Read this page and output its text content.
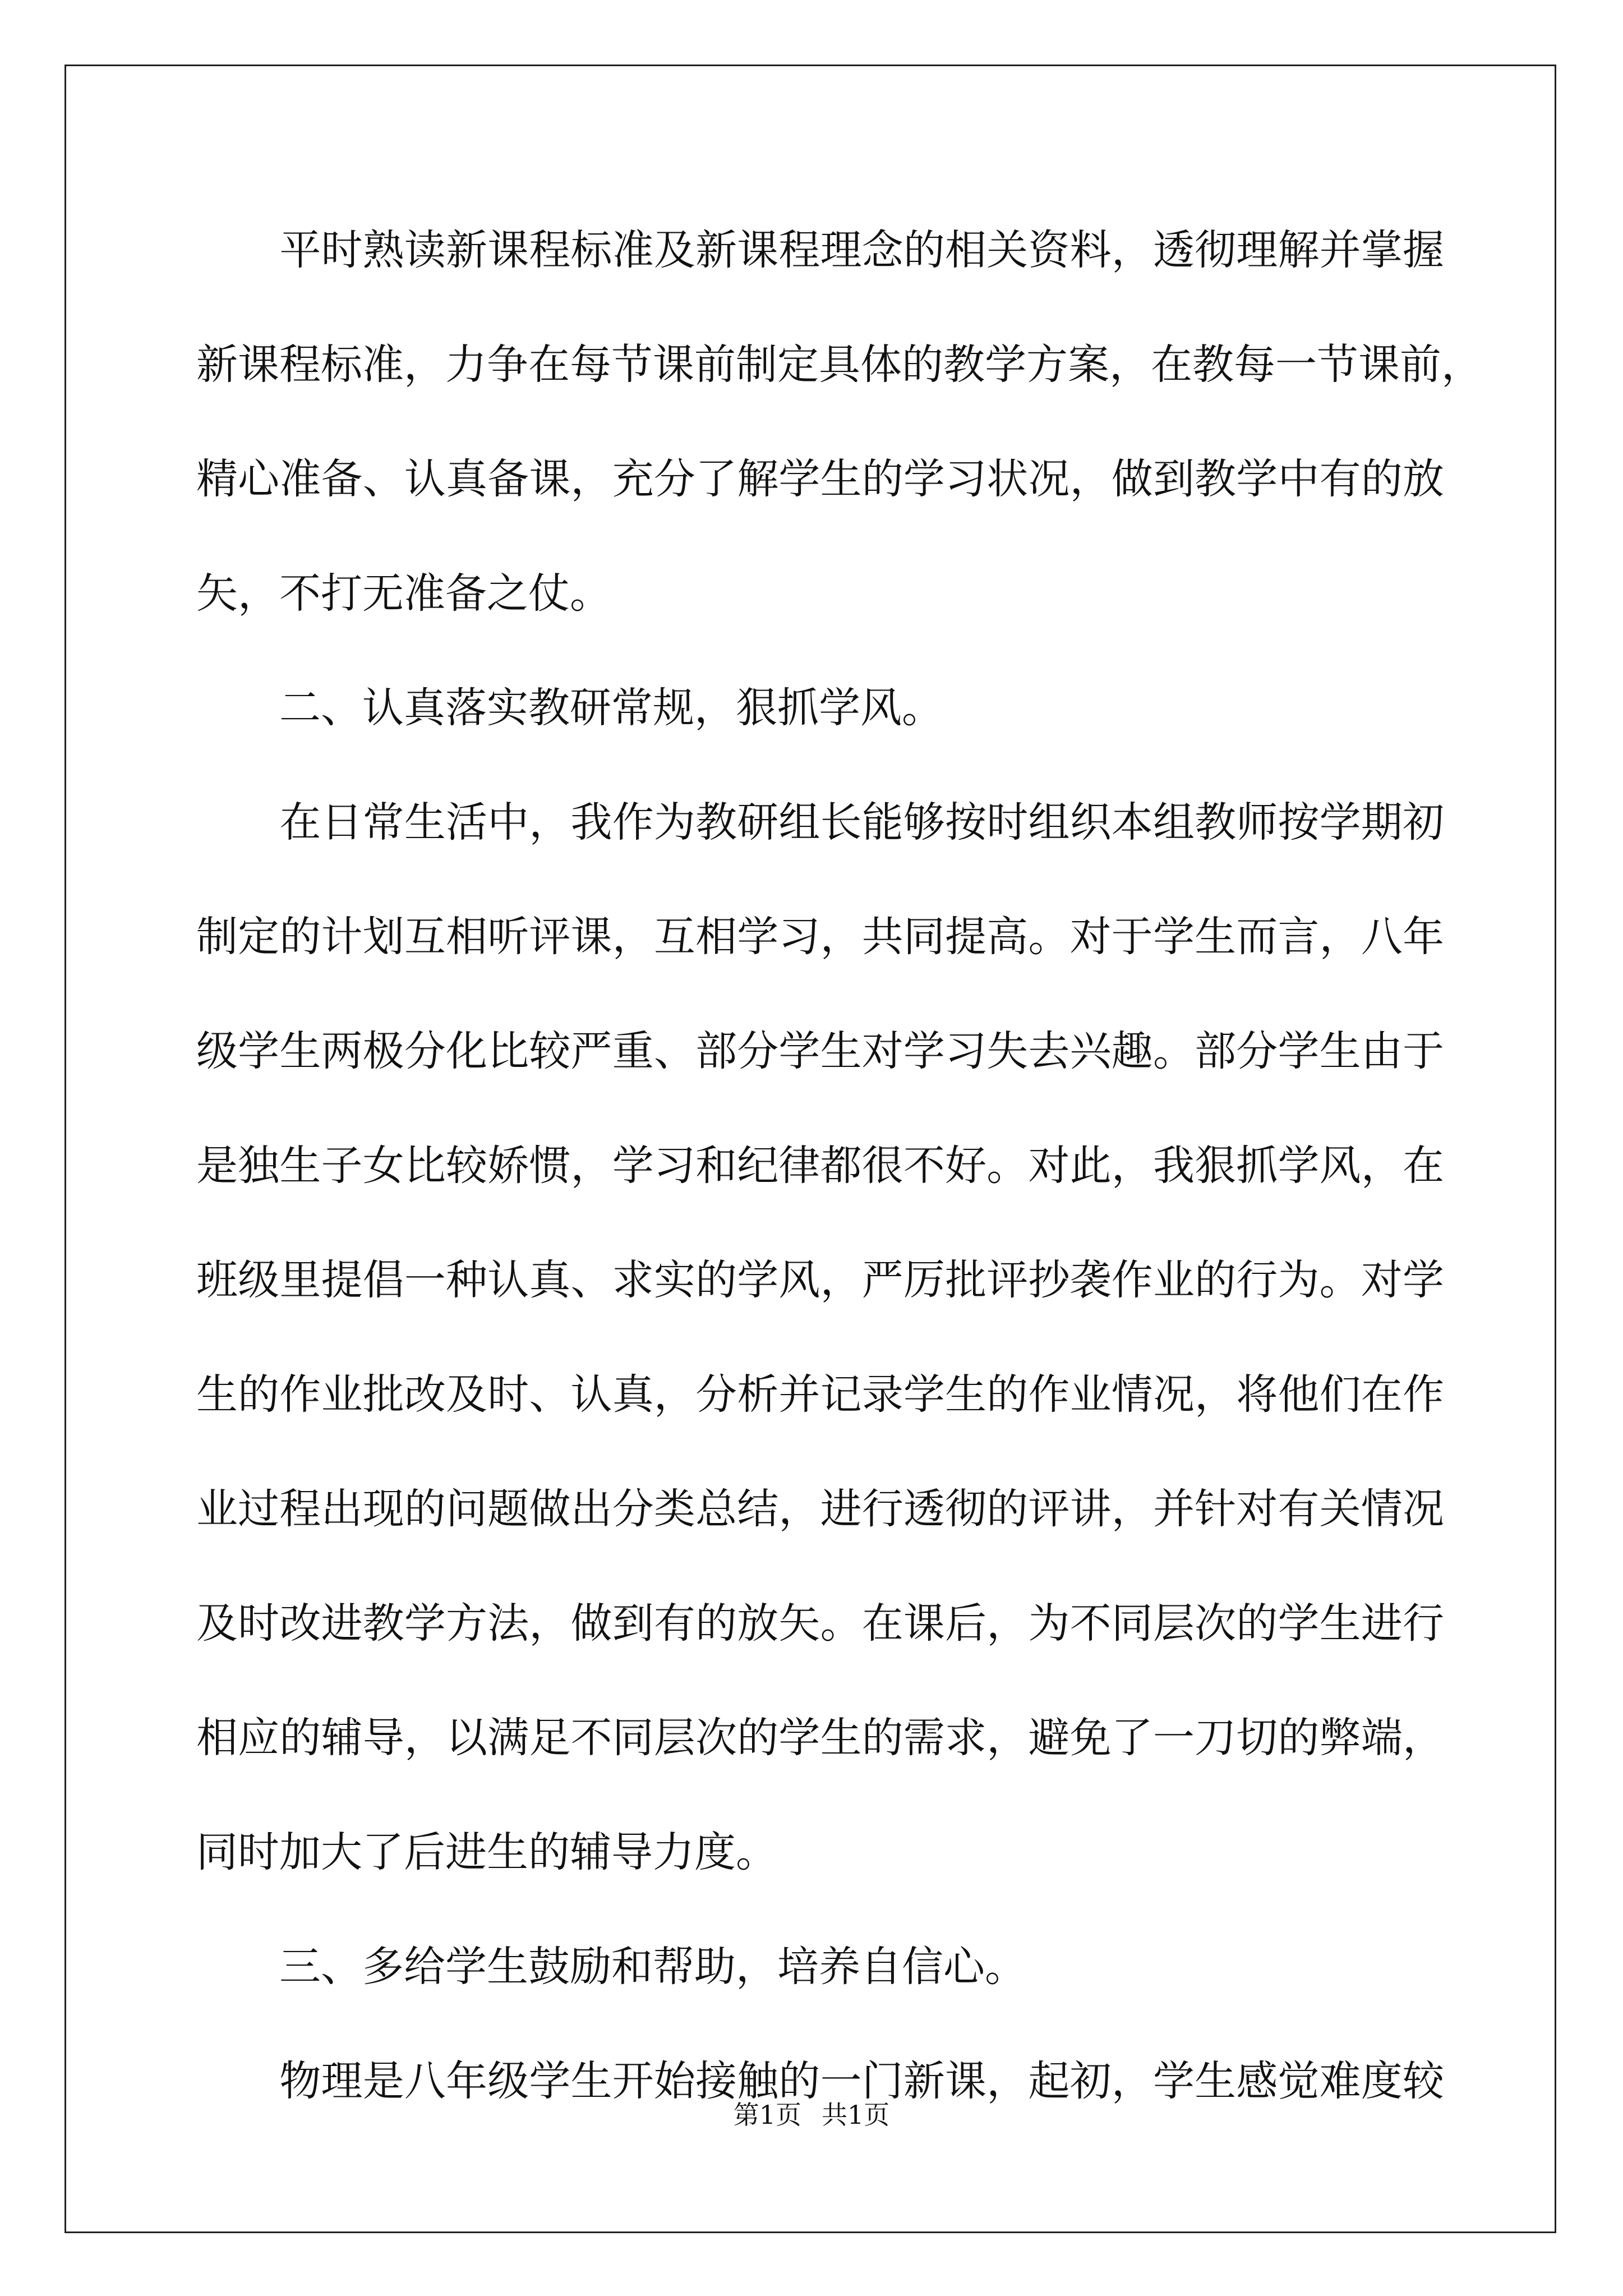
　　平时熟读新课程标准及新课程理念的相关资料，透彻理解并掌握
新课程标准，力争在每节课前制定具体的教学方案，在教每一节课前，
精心准备、认真备课，充分了解学生的学习状况，做到教学中有的放
矢，不打无准备之仗。
　　二、认真落实教研常规，狠抓学风。
　　在日常生活中，我作为教研组长能够按时组织本组教师按学期初
制定的计划互相听评课，互相学习，共同提高。对于学生而言，八年
级学生两极分化比较严重、部分学生对学习失去兴趣。部分学生由于
是独生子女比较娇惯，学习和纪律都很不好。对此，我狠抓学风，在
班级里提倡一种认真、求实的学风，严厉批评抄袭作业的行为。对学
生的作业批改及时、认真，分析并记录学生的作业情况，将他们在作
业过程出现的问题做出分类总结，进行透彻的评讲，并针对有关情况
及时改进教学方法，做到有的放矢。在课后，为不同层次的学生进行
相应的辅导，以满足不同层次的学生的需求，避免了一刀切的弊端，
同时加大了后进生的辅导力度。
　　三、多给学生鼓励和帮助，培养自信心。
　　物理是八年级学生开始接触的一门新课，起初，学生感觉难度较
第1页 共1页
